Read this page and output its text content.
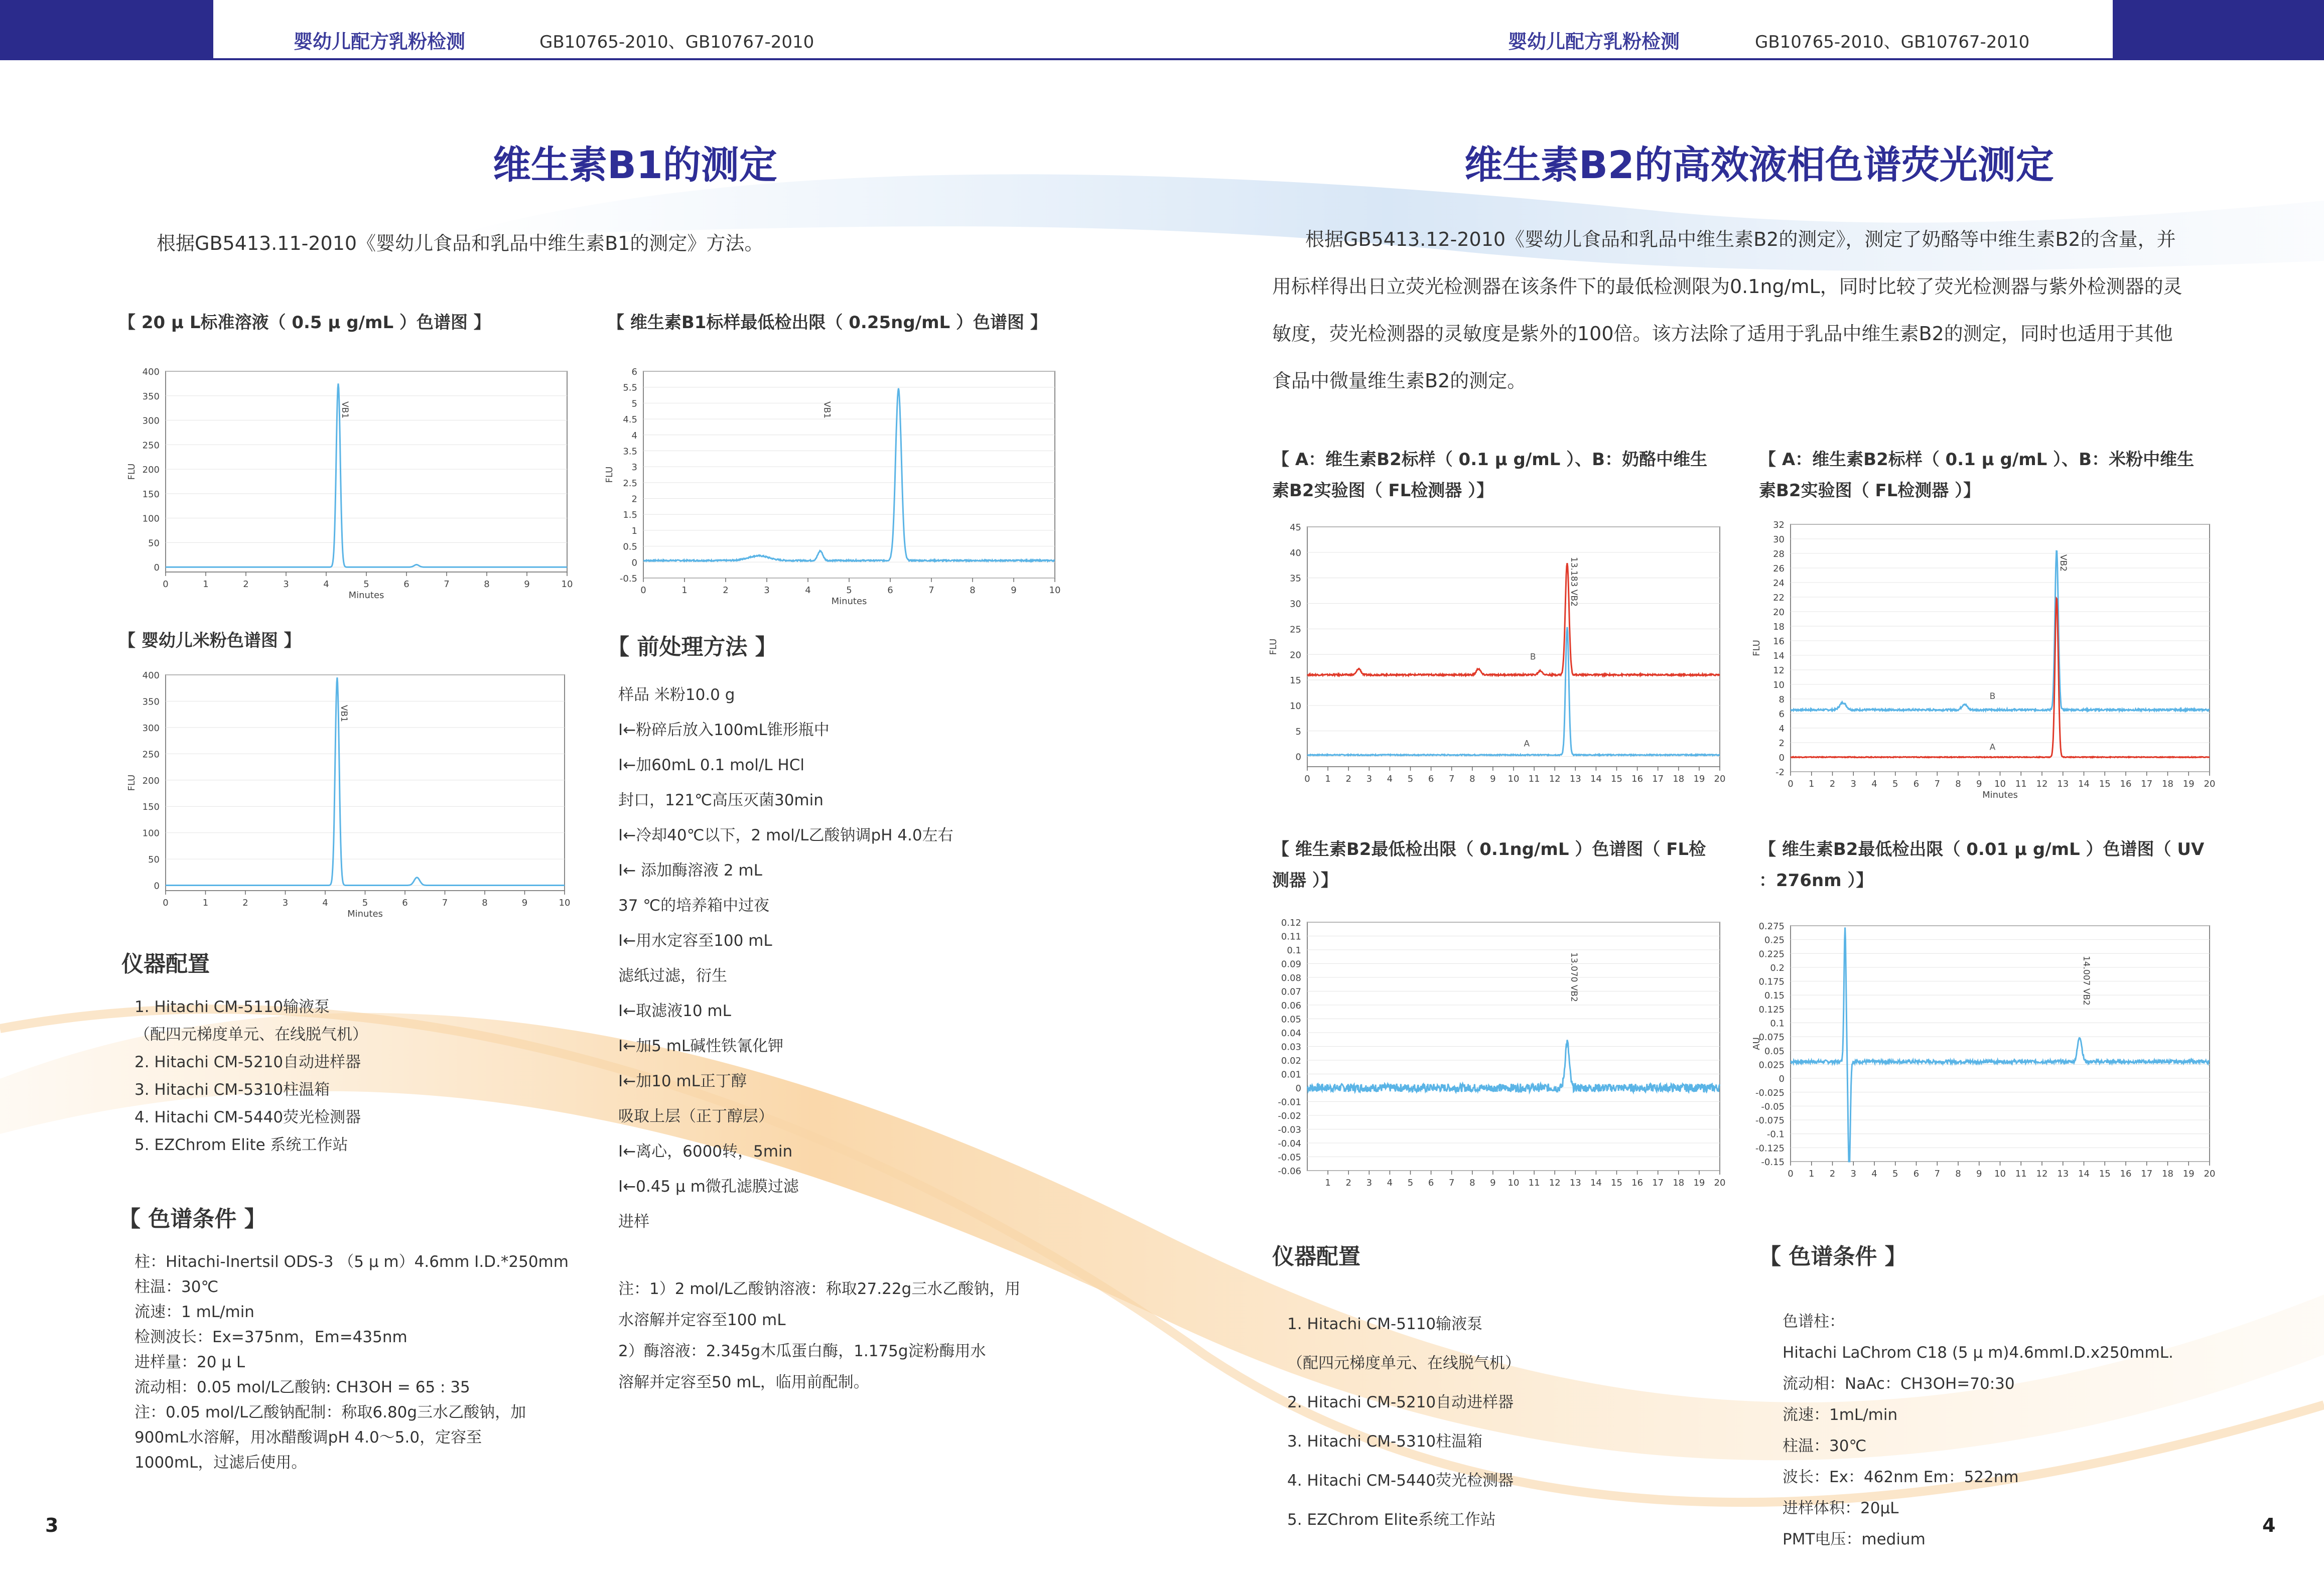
婴幼儿配方乳粉检测	GB10765-2010、GB10767-2010	婴幼儿配方乳粉检测	GB10765-2010、GB10767-2010
维生素B1的测定
根据GB5413.11-2010《婴幼儿食品和乳品中维生素B1的测定》方法。
【 20 μ L标准溶液（ 0.5 μ g/mL ）色谱图 】	【 维生素B1标样最低检出限（ 0.25ng/mL ）色谱图 】
【 婴幼儿米粉色谱图 】
0
50
100
150
200
250
300
350
400
0	1	2	3	4	5	6	7	8	9	10
Minutes
FLU
VB1
-0.5
0
0.5
1
1.5
2
2.5
3
3.5
4
4.5
5
5.5
6
0	1	2	3	4	5	6	7	8	9	10
Minutes
FLU
VB1
0
50
100
150
200
250
300
350
400
0	1	2	3	4	5	6	7	8	9	10
Minutes
FLU
VB1
仪器配置
1. Hitachi CM-5110输液泵
（配四元梯度单元、在线脱气机）
2. Hitachi CM-5210自动进样器
3. Hitachi CM-5310柱温箱
4. Hitachi CM-5440荧光检测器
5. EZChrom Elite 系统工作站
【 色谱条件 】
柱：Hitachi-Inertsil ODS-3 （5 μ m）4.6mm I.D.*250mm
柱温：30℃
流速：1 mL/min
检测波长：Ex=375nm，Em=435nm
进样量：20 μ L
流动相：0.05 mol/L乙酸钠: CH3OH = 65 : 35
注：0.05 mol/L乙酸钠配制：称取6.80g三水乙酸钠，加
900mL水溶解，用冰醋酸调pH 4.0～5.0，定容至
1000mL，过滤后使用。
【 前处理方法 】
样品 米粉10.0 g
I←粉碎后放入100mL锥形瓶中
I←加60mL 0.1 mol/L HCl
封口，121℃高压灭菌30min
I←冷却40℃以下，2 mol/L乙酸钠调pH 4.0左右
I← 添加酶溶液 2 mL
37 ℃的培养箱中过夜
I←用水定容至100 mL
滤纸过滤，衍生
I←取滤液10 mL
I←加5 mL碱性铁氰化钾
I←加10 mL正丁醇
吸取上层（正丁醇层）
I←离心，6000转，5min
I←0.45 μ m微孔滤膜过滤
进样
注：1）2 mol/L乙酸钠溶液：称取27.22g三水乙酸钠，用
水溶解并定容至100 mL
2）酶溶液：2.345g木瓜蛋白酶，1.175g淀粉酶用水
溶解并定容至50 mL，临用前配制。
3
维生素B2的高效液相色谱荧光测定
根据GB5413.12-2010《婴幼儿食品和乳品中维生素B2的测定》，测定了奶酪等中维生素B2的含量，并
用标样得出日立荧光检测器在该条件下的最低检测限为0.1ng/mL，同时比较了荧光检测器与紫外检测器的灵
敏度，荧光检测器的灵敏度是紫外的100倍。该方法除了适用于乳品中维生素B2的测定，同时也适用于其他
食品中微量维生素B2的测定。
【 A：维生素B2标样（ 0.1 μ g/mL ）、B：奶酪中维生
素B2实验图（ FL检测器 ）】
【 A：维生素B2标样（ 0.1 μ g/mL ）、B：米粉中维生
素B2实验图（ FL检测器 ）】
【 维生素B2最低检出限（ 0.1ng/mL ）色谱图（ FL检
测器 ）】
【 维生素B2最低检出限（ 0.01 μ g/mL ）色谱图（ UV
：276nm ）】
0
5
10
15
20
25
30
35
40
45
0 1 2 3 4 5 6 7 8 9 10 11 12 13 14 15 16 17 18 19 20
FLU
13.183 VB2
B
A
-2
0
2
4
6
8
10
12
14
16
18
20
22
24
26
28
30
32
0 1 2 3 4 5 6 7 8 9 10 11 12 13 14 15 16 17 18 19 20
Minutes
FLU
VB2
B
A
-0.06
-0.05
-0.04
-0.03
-0.02
-0.01
0
0.01
0.02
0.03
0.04
0.05
0.06
0.07
0.08
0.09
0.1
0.11
0.12
1 2 3 4 5 6 7 8 9 10 11 12 13 14 15 16 17 18 19 20
13.070 VB2
-0.15
-0.125
-0.1
-0.075
-0.05
-0.025
0
0.025
0.05
0.075
0.1
0.125
0.15
0.175
0.2
0.225
0.25
0.275
0 1 2 3 4 5 6 7 8 9 10 11 12 13 14 15 16 17 18 19 20
AU
14.007 VB2
仪器配置
1. Hitachi CM-5110输液泵
（配四元梯度单元、在线脱气机）
2. Hitachi CM-5210自动进样器
3. Hitachi CM-5310柱温箱
4. Hitachi CM-5440荧光检测器
5. EZChrom Elite系统工作站
【 色谱条件 】
色谱柱：
Hitachi LaChrom C18 (5 μ m)4.6mmI.D.x250mmL.
流动相：NaAc：CH3OH=70:30
流速：1mL/min
柱温：30℃
波长：Ex：462nm Em：522nm
进样体积：20μL
PMT电压：medium
4
